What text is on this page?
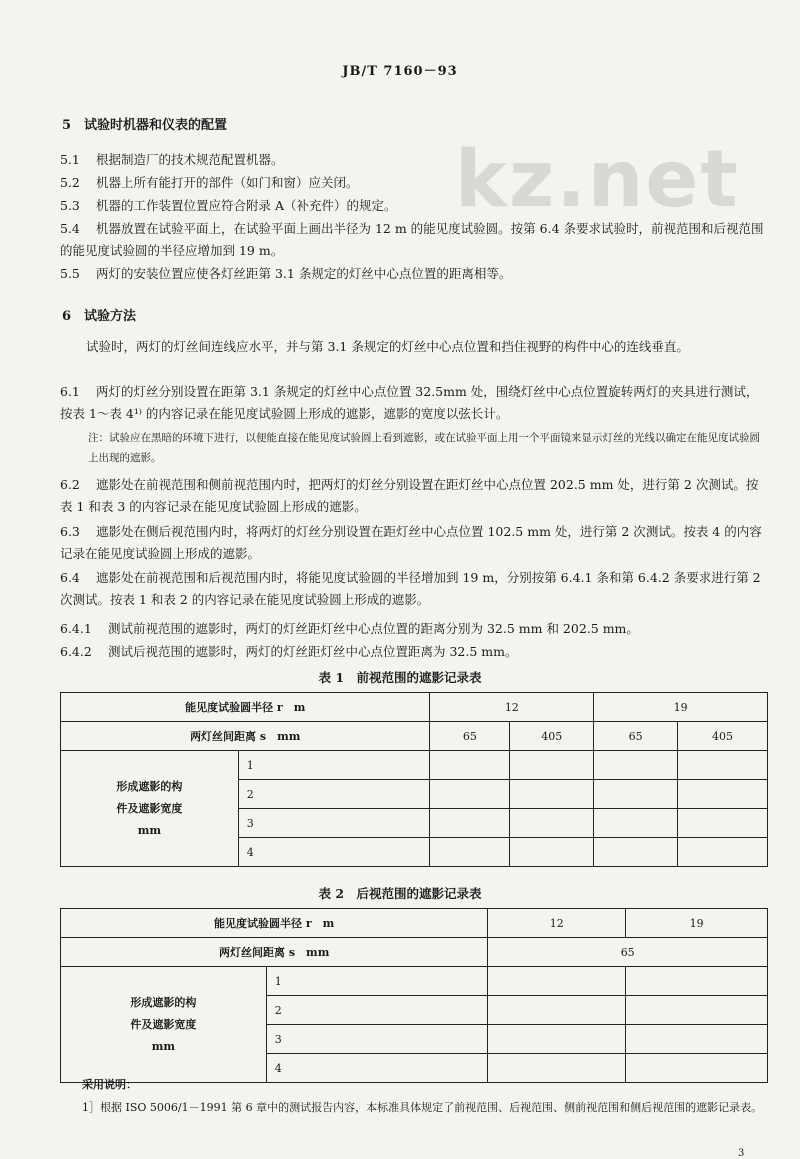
kz.net
JB/T 7160－93
5　试验时机器和仪表的配置
5.1 根据制造厂的技术规范配置机器。
5.2 机器上所有能打开的部件（如门和窗）应关闭。
5.3 机器的工作装置位置应符合附录 A（补充件）的规定。
5.4 机器放置在试验平面上，在试验平面上画出半径为 12 m 的能见度试验圆。按第 6.4 条要求试验时，前视范围和后视范围的能见度试验圆的半径应增加到 19 m。
5.5 两灯的安装位置应使各灯丝距第 3.1 条规定的灯丝中心点位置的距离相等。
6　试验方法
试验时，两灯的灯丝间连线应水平，并与第 3.1 条规定的灯丝中心点位置和挡住视野的构件中心的连线垂直。
6.1 两灯的灯丝分别设置在距第 3.1 条规定的灯丝中心点位置 32.5mm 处，围绕灯丝中心点位置旋转两灯的夹具进行测试，按表 1～表 4¹⁾ 的内容记录在能见度试验圆上形成的遮影，遮影的宽度以弦长计。
注：试验应在黑暗的环境下进行，以便能直接在能见度试验圆上看到遮影，或在试验平面上用一个平面镜来显示灯丝的光线以确定在能见度试验圆上出现的遮影。
6.2 遮影处在前视范围和侧前视范围内时，把两灯的灯丝分别设置在距灯丝中心点位置 202.5 mm 处，进行第 2 次测试。按表 1 和表 3 的内容记录在能见度试验圆上形成的遮影。
6.3 遮影处在侧后视范围内时，将两灯的灯丝分别设置在距灯丝中心点位置 102.5 mm 处，进行第 2 次测试。按表 4 的内容记录在能见度试验圆上形成的遮影。
6.4 遮影处在前视范围和后视范围内时，将能见度试验圆的半径增加到 19 m，分别按第 6.4.1 条和第 6.4.2 条要求进行第 2 次测试。按表 1 和表 2 的内容记录在能见度试验圆上形成的遮影。
6.4.1 测试前视范围的遮影时，两灯的灯丝距灯丝中心点位置的距离分别为 32.5 mm 和 202.5 mm。
6.4.2 测试后视范围的遮影时，两灯的灯丝距灯丝中心点位置距离为 32.5 mm。
表 1　前视范围的遮影记录表
能见度试验圆半径 r　m		12		19	
两灯丝间距离 s　mm		65	405	65	405

形成遮影的构
件及遮影宽度
mm	1				
	2				
	3				
	4				
表 2　后视范围的遮影记录表
能见度试验圆半径 r　m		12	19
两灯丝间距离 s　mm		65	

形成遮影的构
件及遮影宽度
mm	1		
	2		
	3		
	4		
采用说明：
1］根据 ISO 5006/1－1991 第 6 章中的测试报告内容，本标准具体规定了前视范围、后视范围、侧前视范围和侧后视范围的遮影记录表。
3
